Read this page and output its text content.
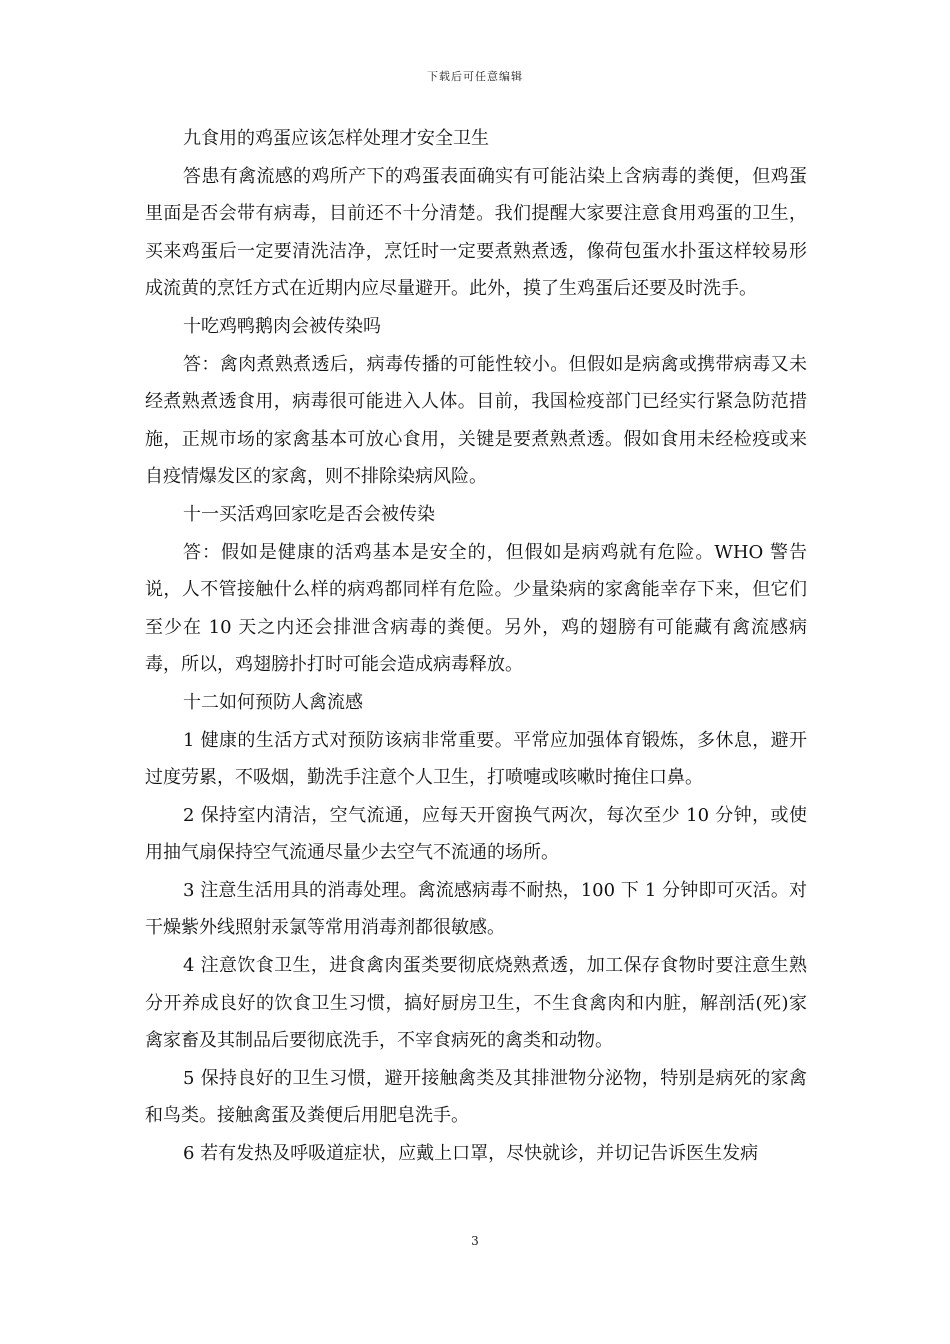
下载后可任意编辑

九食用的鸡蛋应该怎样处理才安全卫生

答患有禽流感的鸡所产下的鸡蛋表面确实有可能沾染上含病毒的粪便，但鸡蛋里面是否会带有病毒，目前还不十分清楚。我们提醒大家要注意食用鸡蛋的卫生，买来鸡蛋后一定要清洗洁净，烹饪时一定要煮熟煮透，像荷包蛋水扑蛋这样较易形成流黄的烹饪方式在近期内应尽量避开。此外，摸了生鸡蛋后还要及时洗手。

十吃鸡鸭鹅肉会被传染吗

答：禽肉煮熟煮透后，病毒传播的可能性较小。但假如是病禽或携带病毒又未经煮熟煮透食用，病毒很可能进入人体。目前，我国检疫部门已经实行紧急防范措施，正规市场的家禽基本可放心食用，关键是要煮熟煮透。假如食用未经检疫或来自疫情爆发区的家禽，则不排除染病风险。

十一买活鸡回家吃是否会被传染

答：假如是健康的活鸡基本是安全的，但假如是病鸡就有危险。WHO 警告说，人不管接触什么样的病鸡都同样有危险。少量染病的家禽能幸存下来，但它们至少在 10 天之内还会排泄含病毒的粪便。另外，鸡的翅膀有可能藏有禽流感病毒，所以，鸡翅膀扑打时可能会造成病毒释放。

十二如何预防人禽流感

1 健康的生活方式对预防该病非常重要。平常应加强体育锻炼，多休息，避开过度劳累，不吸烟，勤洗手注意个人卫生，打喷嚏或咳嗽时掩住口鼻。

2 保持室内清洁，空气流通，应每天开窗换气两次，每次至少 10 分钟，或使用抽气扇保持空气流通尽量少去空气不流通的场所。

3 注意生活用具的消毒处理。禽流感病毒不耐热，100 下 1 分钟即可灭活。对干燥紫外线照射汞氯等常用消毒剂都很敏感。

4 注意饮食卫生，进食禽肉蛋类要彻底烧熟煮透，加工保存食物时要注意生熟分开养成良好的饮食卫生习惯，搞好厨房卫生，不生食禽肉和内脏，解剖活(死)家禽家畜及其制品后要彻底洗手，不宰食病死的禽类和动物。

5 保持良好的卫生习惯，避开接触禽类及其排泄物分泌物，特别是病死的家禽和鸟类。接触禽蛋及粪便后用肥皂洗手。

6 若有发热及呼吸道症状，应戴上口罩，尽快就诊，并切记告诉医生发病

3
